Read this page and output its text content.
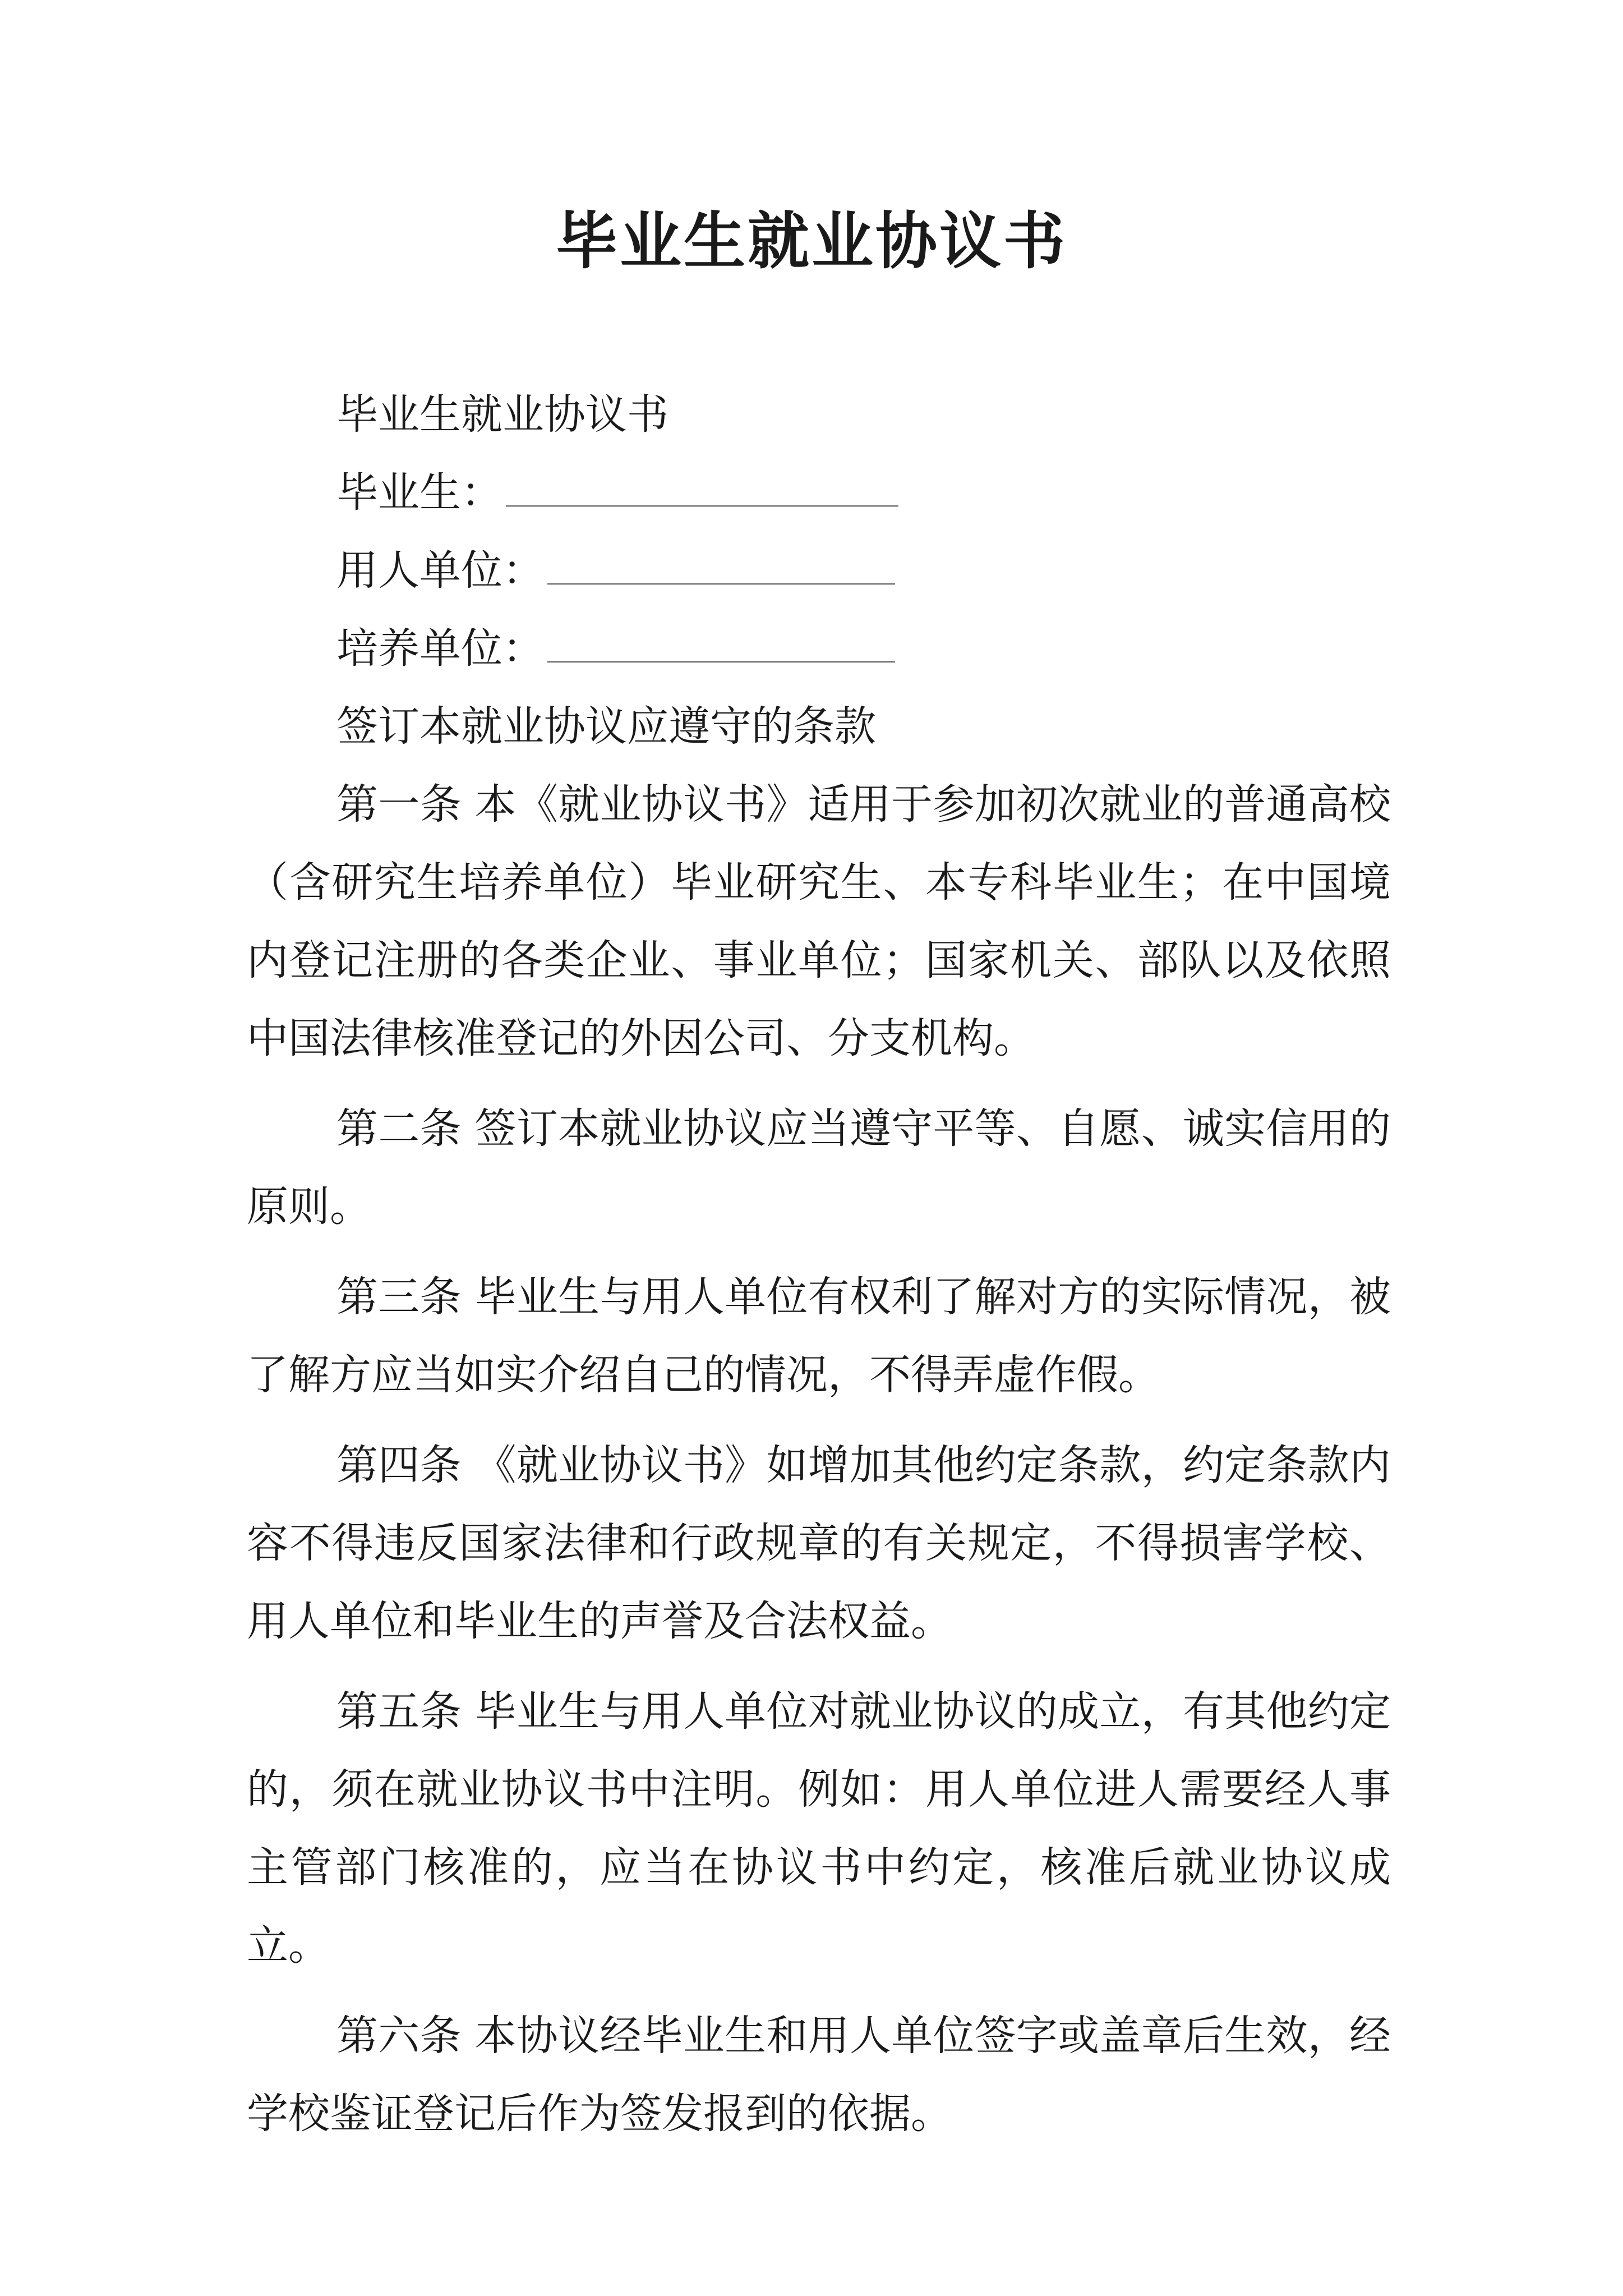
毕业生就业协议书
毕业生就业协议书
毕业生：
用人单位：
培养单位：
签订本就业协议应遵守的条款

第一条 本《就业协议书》适用于参加初次就业的普通高校（含研究生培养单位）毕业研究生、本专科毕业生；在中国境内登记注册的各类企业、事业单位；国家机关、部队以及依照中国法律核准登记的外因公司、分支机构。

第二条 签订本就业协议应当遵守平等、自愿、诚实信用的原则。

第三条 毕业生与用人单位有权利了解对方的实际情况，被了解方应当如实介绍自己的情况，不得弄虚作假。

第四条 《就业协议书》如增加其他约定条款，约定条款内容不得违反国家法律和行政规章的有关规定，不得损害学校、用人单位和毕业生的声誉及合法权益。

第五条 毕业生与用人单位对就业协议的成立，有其他约定的，须在就业协议书中注明。例如：用人单位进人需要经人事主管部门核准的，应当在协议书中约定，核准后就业协议成立。

第六条 本协议经毕业生和用人单位签字或盖章后生效，经学校鉴证登记后作为签发报到的依据。
